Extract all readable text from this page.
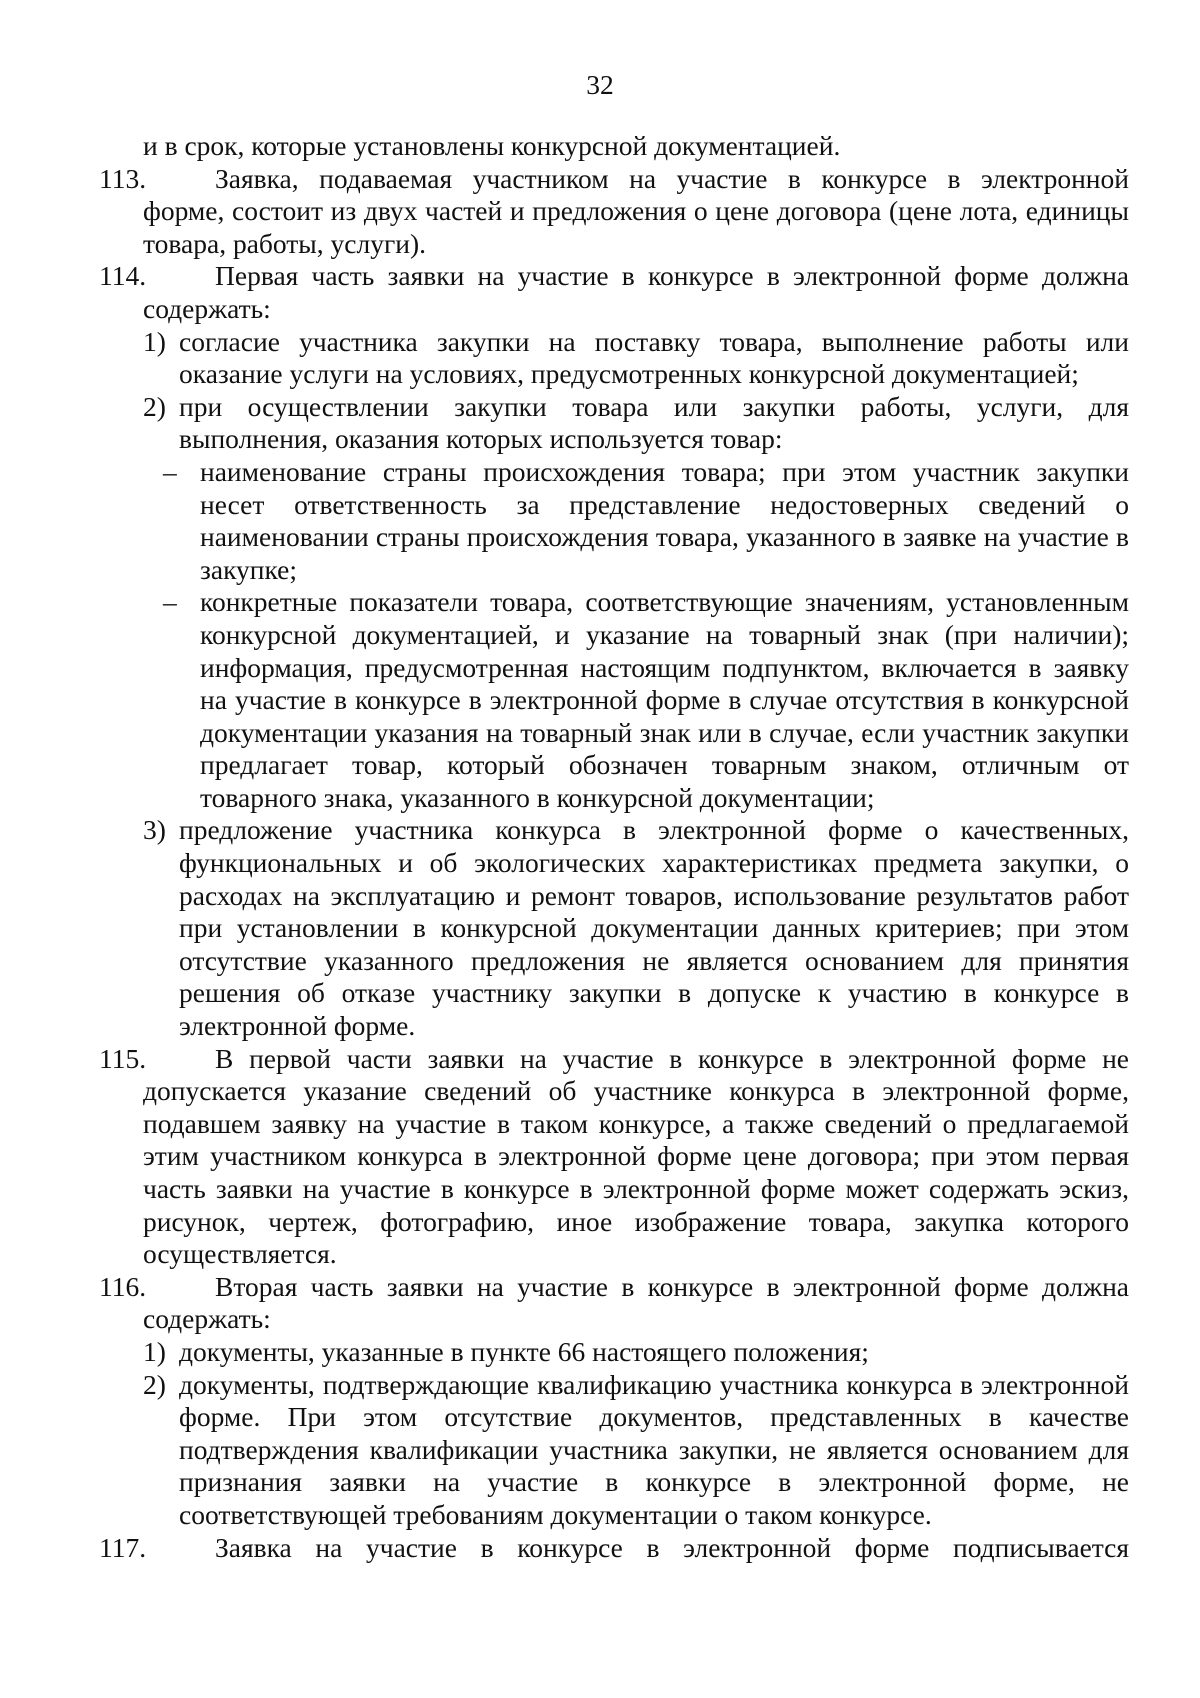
32

и в срок, которые установлены конкурсной документацией.

113.	Заявка, подаваемая участником на участие в конкурсе в электронной

форме, состоит из двух частей и предложения о цене договора (цене лота, единицы товара, работы, услуги).

114.	Первая часть заявки на участие в конкурсе в электронной форме должна

содержать:

1) согласие участника закупки на поставку товара, выполнение работы или оказание услуги на условиях, предусмотренных конкурсной документацией;
2) при осуществлении закупки товара или закупки работы, услуги, для выполнения, оказания которых используется товар:
– наименование страны происхождения товара; при этом участник закупки несет ответственность за представление недостоверных сведений о наименовании страны происхождения товара, указанного в заявке на участие в закупке;
– конкретные показатели товара, соответствующие значениям, установленным конкурсной документацией, и указание на товарный знак (при наличии); информация, предусмотренная настоящим подпунктом, включается в заявку на участие в конкурсе в электронной форме в случае отсутствия в конкурсной документации указания на товарный знак или в случае, если участник закупки предлагает товар, который обозначен товарным знаком, отличным от товарного знака, указанного в конкурсной документации;
3) предложение участника конкурса в электронной форме о качественных, функциональных и об экологических характеристиках предмета закупки, о расходах на эксплуатацию и ремонт товаров, использование результатов работ при установлении в конкурсной документации данных критериев; при этом отсутствие указанного предложения не является основанием для принятия решения об отказе участнику закупки в допуске к участию в конкурсе в электронной форме.
115.	В первой части заявки на участие в конкурсе в электронной форме не

допускается указание сведений об участнике конкурса в электронной форме, подавшем заявку на участие в таком конкурсе, а также сведений о предлагаемой этим участником конкурса в электронной форме цене договора; при этом первая часть заявки на участие в конкурсе в электронной форме может содержать эскиз, рисунок, чертеж, фотографию, иное изображение товара, закупка которого осуществляется.

116.	Вторая часть заявки на участие в конкурсе в электронной форме должна

содержать:

1) документы, указанные в пункте 66 настоящего положения;
2) документы, подтверждающие квалификацию участника конкурса в электронной форме. При этом отсутствие документов, представленных в качестве подтверждения квалификации участника закупки, не является основанием для признания заявки на участие в конкурсе в электронной форме, не соответствующей требованиям документации о таком конкурсе.
117.	Заявка на участие в конкурсе в электронной форме подписывается
